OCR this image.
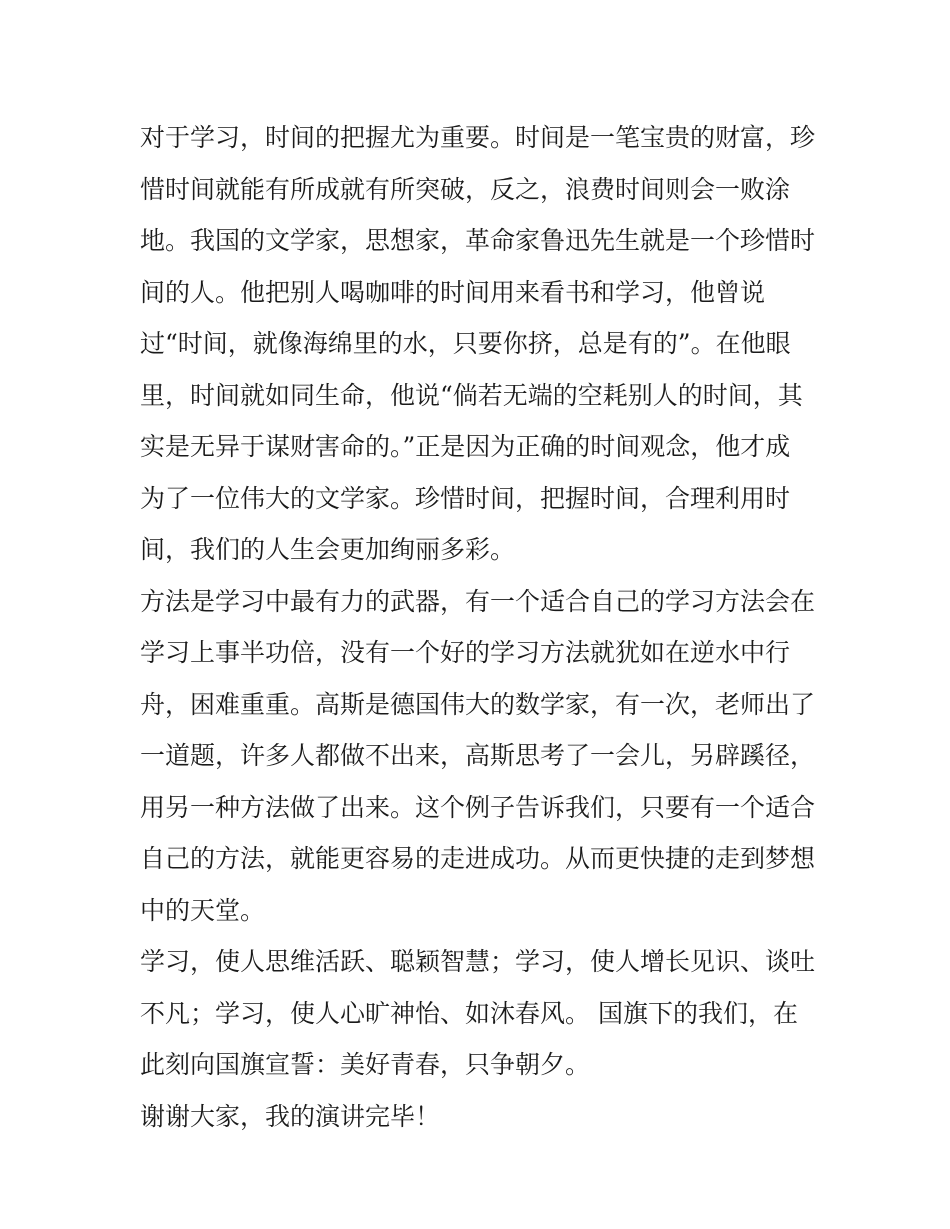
对于学习，时间的把握尤为重要。时间是一笔宝贵的财富，珍
惜时间就能有所成就有所突破，反之，浪费时间则会一败涂
地。我国的文学家，思想家，革命家鲁迅先生就是一个珍惜时
间的人。他把别人喝咖啡的时间用来看书和学习，他曾说
过“时间，就像海绵里的水，只要你挤，总是有的”。在他眼
里，时间就如同生命，他说“倘若无端的空耗别人的时间，其
实是无异于谋财害命的。”正是因为正确的时间观念，他才成
为了一位伟大的文学家。珍惜时间，把握时间，合理利用时
间，我们的人生会更加绚丽多彩。
方法是学习中最有力的武器，有一个适合自己的学习方法会在
学习上事半功倍，没有一个好的学习方法就犹如在逆水中行
舟，困难重重。高斯是德国伟大的数学家，有一次，老师出了
一道题，许多人都做不出来，高斯思考了一会儿，另辟蹊径，
用另一种方法做了出来。这个例子告诉我们，只要有一个适合
自己的方法，就能更容易的走进成功。从而更快捷的走到梦想
中的天堂。
学习，使人思维活跃、聪颖智慧；学习，使人增长见识、谈吐
不凡；学习，使人心旷神怡、如沐春风。 国旗下的我们，在
此刻向国旗宣誓：美好青春，只争朝夕。
谢谢大家，我的演讲完毕！
